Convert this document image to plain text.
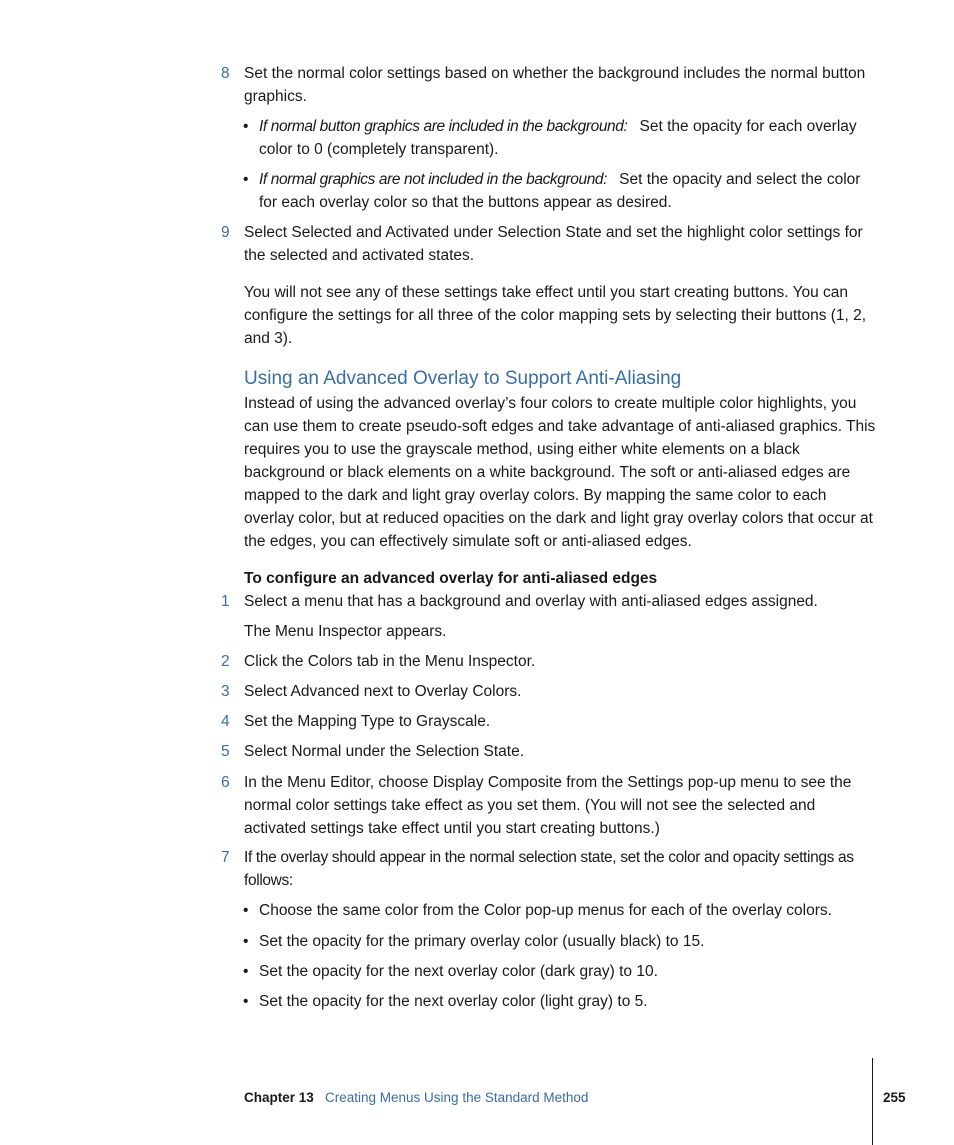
8 Set the normal color settings based on whether the background includes the normal button graphics.
• If normal button graphics are included in the background:   Set the opacity for each overlay color to 0 (completely transparent).
• If normal graphics are not included in the background:   Set the opacity and select the color for each overlay color so that the buttons appear as desired.
9 Select Selected and Activated under Selection State and set the highlight color settings for the selected and activated states.
You will not see any of these settings take effect until you start creating buttons. You can configure the settings for all three of the color mapping sets by selecting their buttons (1, 2, and 3).
Using an Advanced Overlay to Support Anti-Aliasing
Instead of using the advanced overlay’s four colors to create multiple color highlights, you can use them to create pseudo-soft edges and take advantage of anti-aliased graphics. This requires you to use the grayscale method, using either white elements on a black background or black elements on a white background. The soft or anti-aliased edges are mapped to the dark and light gray overlay colors. By mapping the same color to each overlay color, but at reduced opacities on the dark and light gray overlay colors that occur at the edges, you can effectively simulate soft or anti-aliased edges.
To configure an advanced overlay for anti-aliased edges
1 Select a menu that has a background and overlay with anti-aliased edges assigned.
The Menu Inspector appears.
2 Click the Colors tab in the Menu Inspector.
3 Select Advanced next to Overlay Colors.
4 Set the Mapping Type to Grayscale.
5 Select Normal under the Selection State.
6 In the Menu Editor, choose Display Composite from the Settings pop-up menu to see the normal color settings take effect as you set them. (You will not see the selected and activated settings take effect until you start creating buttons.)
7 If the overlay should appear in the normal selection state, set the color and opacity settings as follows:
• Choose the same color from the Color pop-up menus for each of the overlay colors.
• Set the opacity for the primary overlay color (usually black) to 15.
• Set the opacity for the next overlay color (dark gray) to 10.
• Set the opacity for the next overlay color (light gray) to 5.
Chapter 13 Creating Menus Using the Standard Method	255
